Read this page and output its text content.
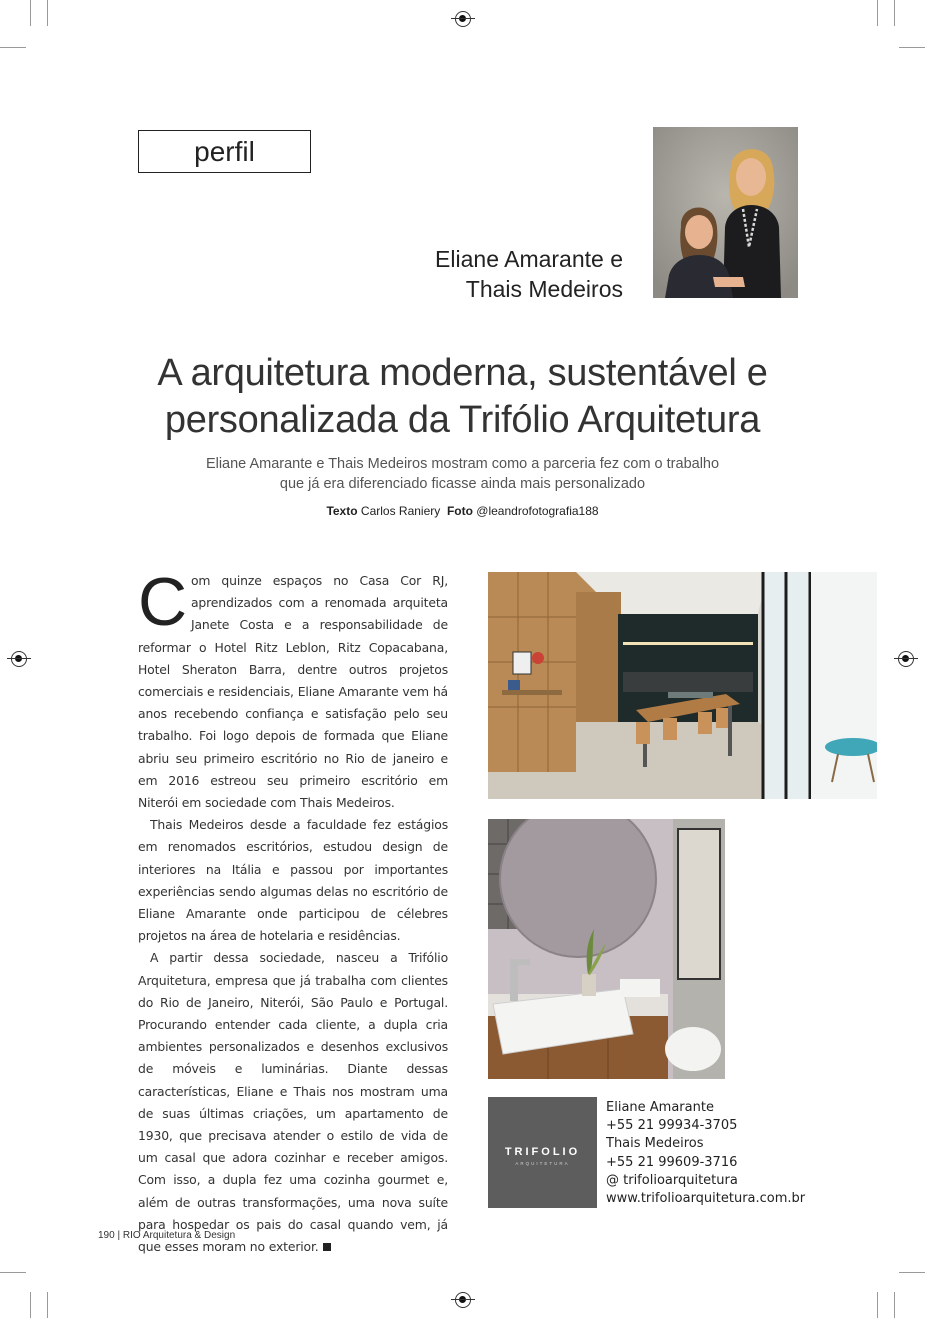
perfil
Eliane Amarante e
Thais Medeiros
A arquitetura moderna, sustentável e
personalizada da Trifólio Arquitetura
Eliane Amarante e Thais Medeiros mostram como a parceria fez com o trabalho
que já era diferenciado ficasse ainda mais personalizado
Texto Carlos Raniery Foto @leandrofotografia188

Com quinze espaços no Casa Cor RJ, aprendizados com a renomada arquiteta Janete Costa e a responsabilidade de reformar o Hotel Ritz Leblon, Ritz Copacabana, Hotel Sheraton Barra, dentre outros projetos comerciais e residenciais, Eliane Amarante vem há anos recebendo confiança e satisfação pelo seu trabalho. Foi logo depois de formada que Eliane abriu seu primeiro escritório no Rio de janeiro e em 2016 estreou seu primeiro escritório em Niterói em sociedade com Thais Medeiros.

Thais Medeiros desde a faculdade fez estágios em renomados escritórios, estudou design de interiores na Itália e passou por importantes experiências sendo algumas delas no escritório de Eliane Amarante onde participou de célebres projetos na área de hotelaria e residências.

A partir dessa sociedade, nasceu a Trifólio Arquitetura, empresa que já trabalha com clientes do Rio de Janeiro, Niterói, São Paulo e Portugal. Procurando entender cada cliente, a dupla cria ambientes personalizados e desenhos exclusivos de móveis e luminárias. Diante dessas características, Eliane e Thais nos mostram uma de suas últimas criações, um apartamento de 1930, que precisava atender o estilo de vida de um casal que adora cozinhar e receber amigos. Com isso, a dupla fez uma cozinha gourmet e, além de outras transformações, uma nova suíte para hospedar os pais do casal quando vem, já que esses moram no exterior.

TRIFOLIO
ARQUITETURA
Eliane Amarante
+55 21 99934-3705
Thais Medeiros
+55 21 99609-3716
@ trifolioarquitetura
www.trifolioarquitetura.com.br
190 | RIO Arquitetura & Design
